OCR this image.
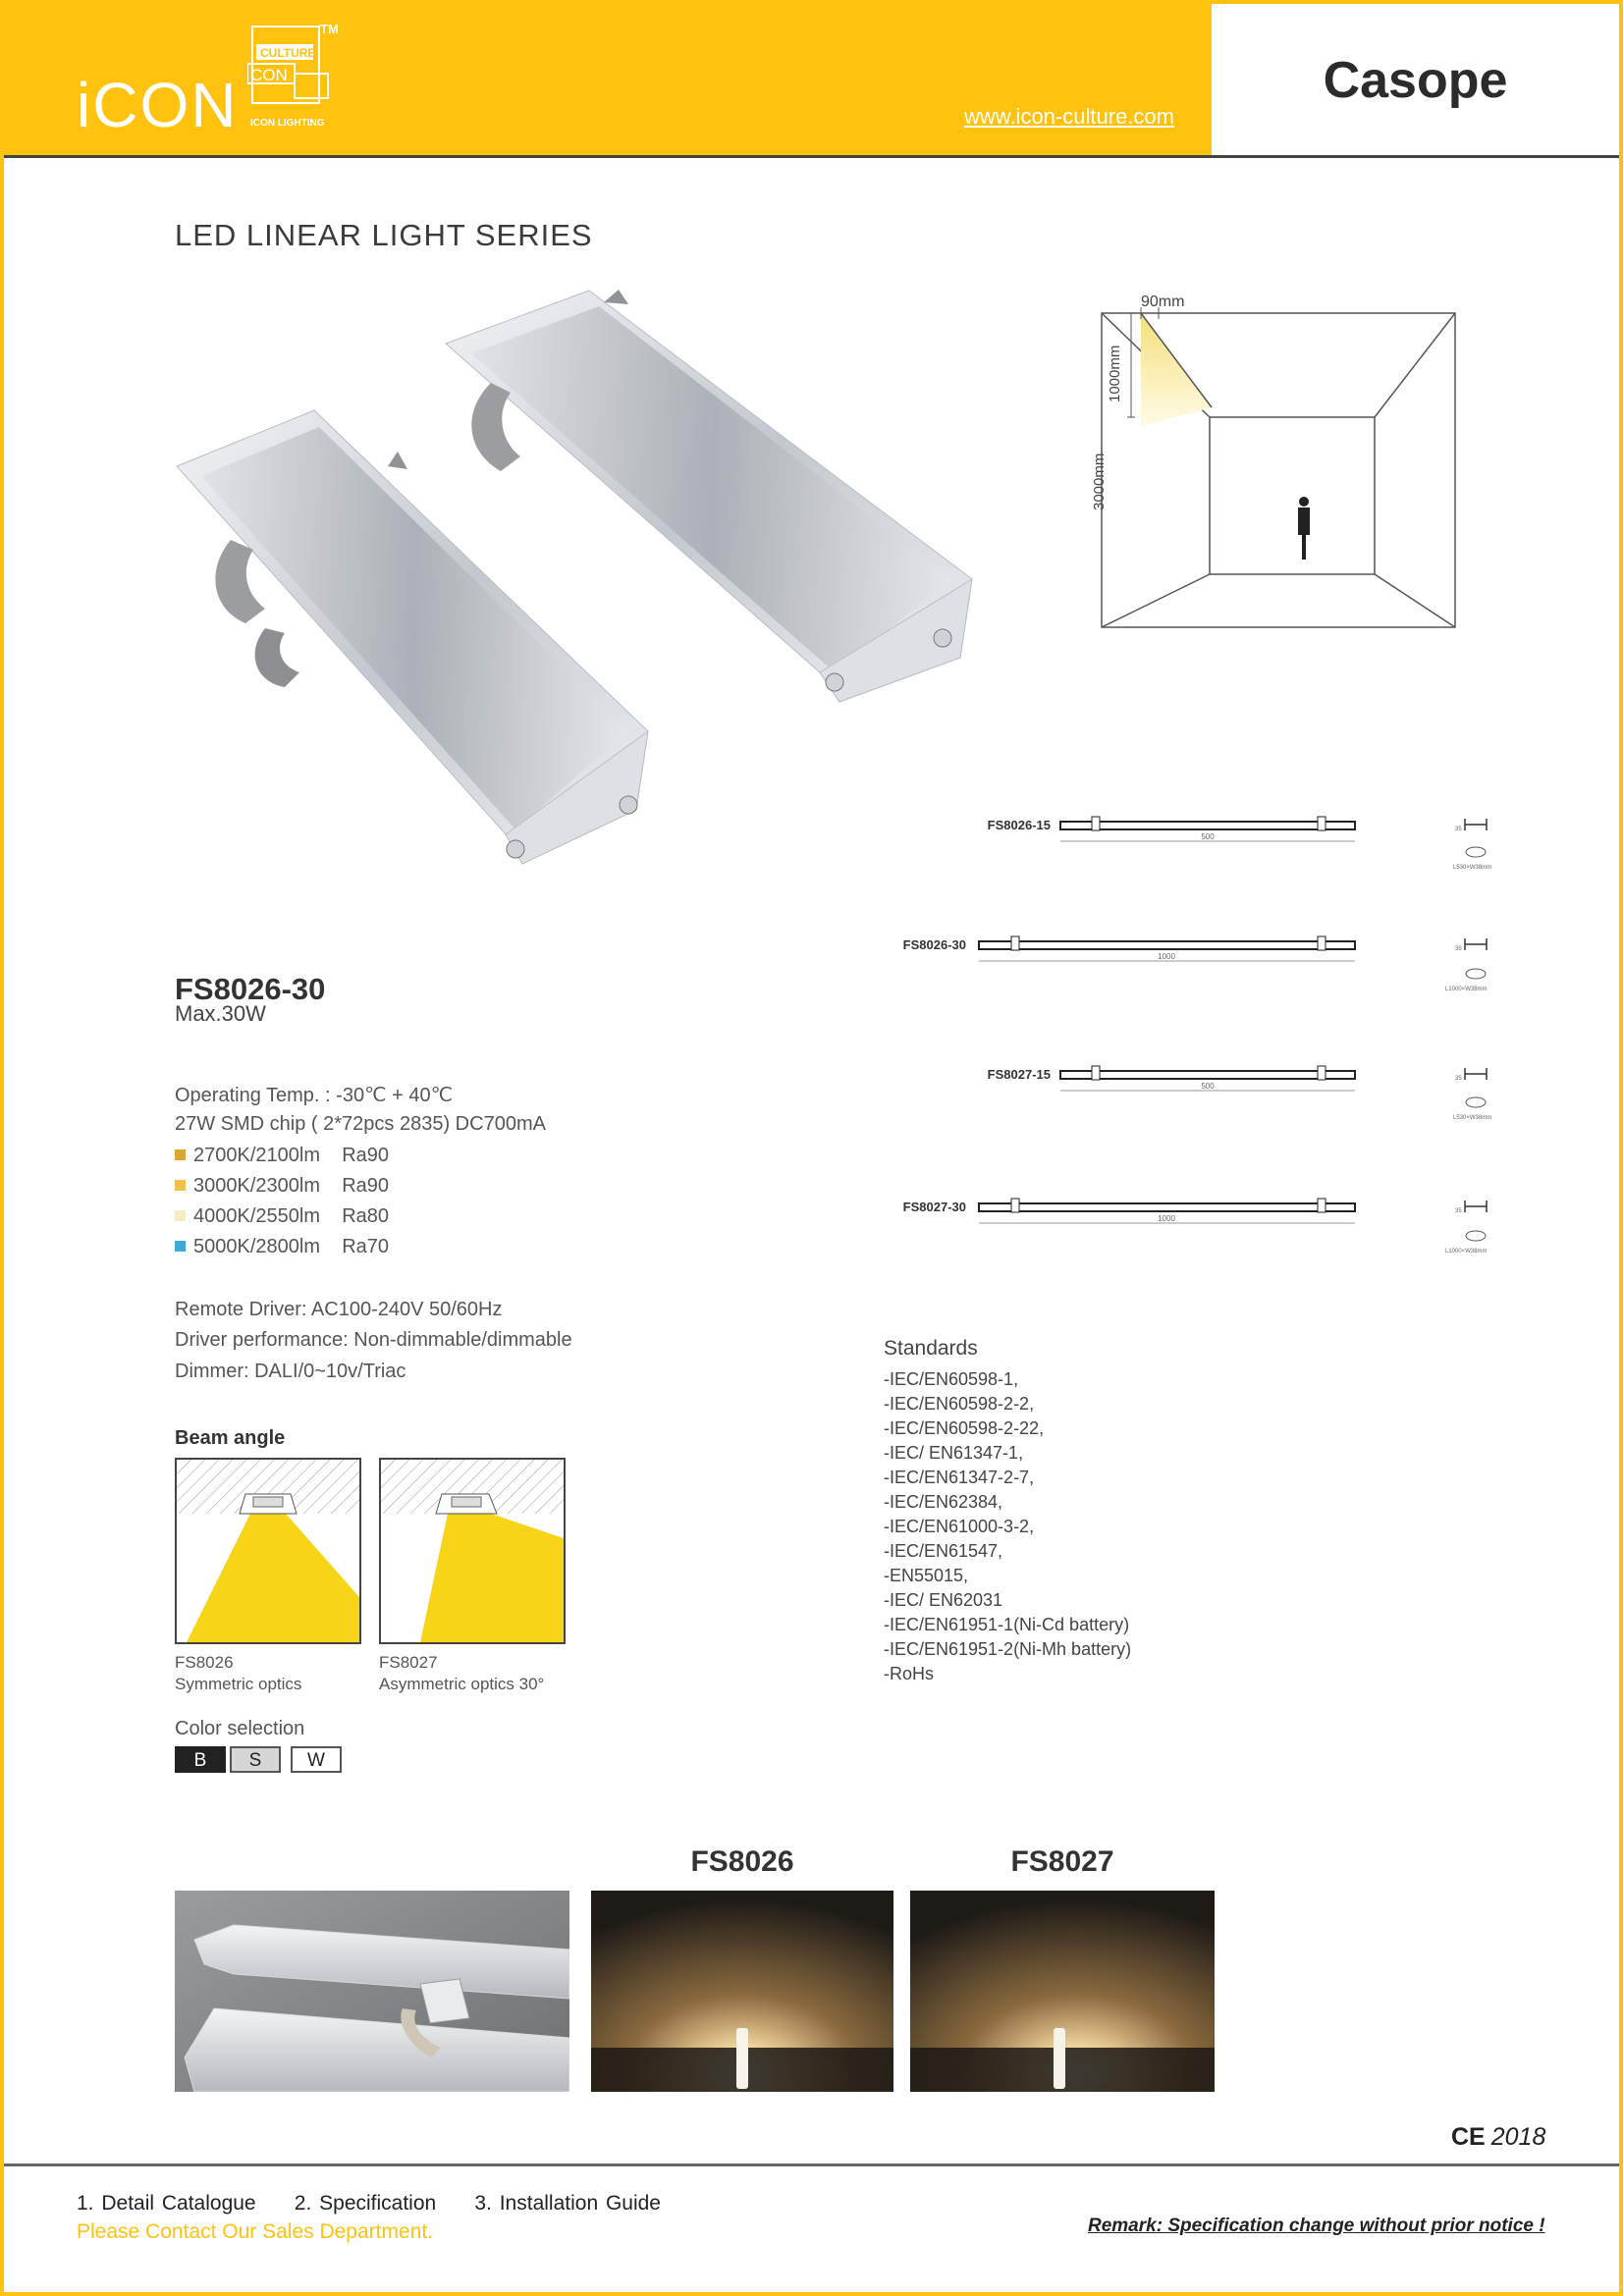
iCON
CULTURE
CON
TM
ICON LIGHTING	www.icon-culture.com
Casope
LED LINEAR LIGHT SERIES
90mm
1000mm
3000mm
FS8026-15
500
35
L530×W38mm
FS8026-30
1000
35
L1000×W38mm
FS8027-15
500
35
L530×W38mm
FS8027-30
1000
35
L1000×W38mm
FS8026-30
Max.30W
Operating Temp. : -30℃ + 40℃
27W SMD chip ( 2*72pcs 2835) DC700mA
2700K/2100lm    Ra90
3000K/2300lm    Ra90
4000K/2550lm    Ra80
5000K/2800lm    Ra70
Remote Driver: AC100-240V 50/60Hz
Driver performance: Non-dimmable/dimmable
Dimmer: DALI/0~10v/Triac
Beam angle
FS8026
Symmetric optics
FS8027
Asymmetric optics 30°
Color selection
B	S	W
Standards
-IEC/EN60598-1,
-IEC/EN60598-2-2,
-IEC/EN60598-2-22,
-IEC/ EN61347-1,
-IEC/EN61347-2-7,
-IEC/EN62384,
-IEC/EN61000-3-2,
-IEC/EN61547,
-EN55015,
-IEC/ EN62031
-IEC/EN61951-1(Ni-Cd battery)
-IEC/EN61951-2(Ni-Mh battery)
-RoHs
FS8026	FS8027
CE 2018
1. Detail Catalogue     2. Specification     3. Installation Guide
Please Contact Our Sales Department.	Remark: Specification change without prior notice !
